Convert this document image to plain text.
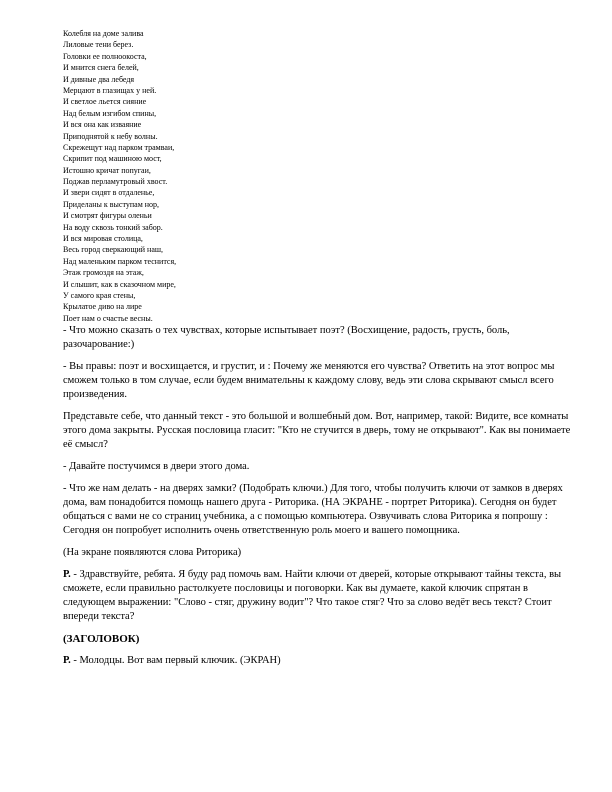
Колебля на доме залива
Лиловые тени берез.
Головки ее полноокоста,
И мнится снега белей,
И дивные два лебедя
Мерцают в глазищах у ней.
И светлое льется сияние
Над белым изгибом спины,
И вся она как изваяние
Приподнятой к небу волны.
Скрежещут над парком трамваи,
Скрипит под машиною мост,
Истошно кричат попугаи,
Поджав перламутровый хвост.
И звери сидят в отдаленье,
Приделаны к выступам нор,
И смотрят фигуры оленьи
На воду сквозь тонкий забор.
И вся мировая столица,
Весь город сверкающий наш,
Над маленьким парком теснится,
Этаж громоздя на этаж,
И слышит, как в сказочном мире,
У самого края стены,
Крылатое диво на лире
Поет нам о счастье весны.

- Что можно сказать о тех чувствах, которые испытывает поэт? (Восхищение, радость, грусть, боль, разочарование:)

- Вы правы: поэт и восхищается, и грустит, и : Почему же меняются его чувства? Ответить на этот вопрос мы сможем только в том случае, если будем внимательны к каждому слову, ведь эти слова скрывают смысл всего произведения.

Представьте себе, что данный текст - это большой и волшебный дом. Вот, например, такой: Видите, все комнаты этого дома закрыты. Русская пословица гласит: "Кто не стучится в дверь, тому не открывают". Как вы понимаете её смысл?

- Давайте постучимся в двери этого дома.

- Что же нам делать - на дверях замки? (Подобрать ключи.) Для того, чтобы получить ключи от замков в дверях дома, вам понадобится помощь нашего друга - Риторика. (НА ЭКРАНЕ - портрет Риторика). Сегодня он будет общаться с вами не со страниц учебника, а с помощью компьютера. Озвучивать слова Риторика я попрошу : Сегодня он попробует исполнить очень ответственную роль моего и вашего помощника.

(На экране появляются слова Риторика)

Р. - Здравствуйте, ребята. Я буду рад помочь вам. Найти ключи от дверей, которые открывают тайны текста, вы сможете, если правильно растолкуете пословицы и поговорки. Как вы думаете, какой ключик спрятан в следующем выражении: "Слово - стяг, дружину водит"? Что такое стяг? Что за слово ведёт весь текст? Стоит впереди текста?

(ЗАГОЛОВОК)

Р. - Молодцы. Вот вам первый ключик. (ЭКРАН)
